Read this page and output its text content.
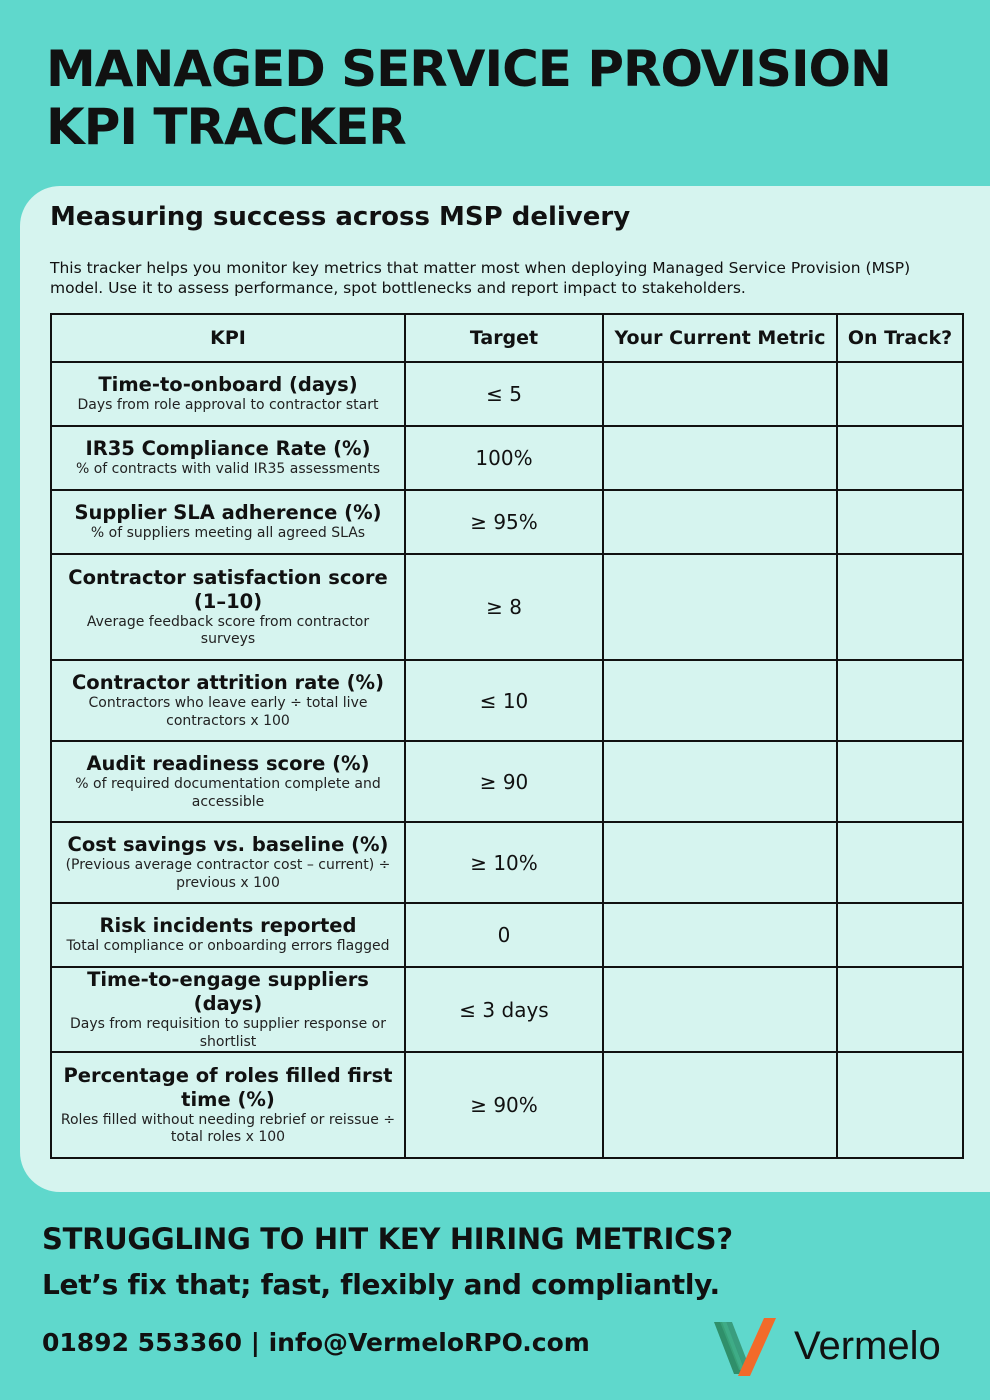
MANAGED SERVICE PROVISION
KPI TRACKER
Measuring success across MSP delivery

This tracker helps you monitor key metrics that matter most when deploying Managed Service Provision (MSP) model. Use it to assess performance, spot bottlenecks and report impact to stakeholders.

KPI	Target	Your Current Metric	On Track?

Time-to-onboard (days)
Days from role approval to contractor start	≤ 5		

IR35 Compliance Rate (%)
% of contracts with valid IR35 assessments	100%		

Supplier SLA adherence (%)
% of suppliers meeting all agreed SLAs	≥ 95%		

Contractor satisfaction score (1–10)
Average feedback score from contractor surveys	≥ 8		

Contractor attrition rate (%)
Contractors who leave early ÷ total live contractors x 100	≤ 10		

Audit readiness score (%)
% of required documentation complete and accessible	≥ 90		

Cost savings vs. baseline (%)
(Previous average contractor cost – current) ÷ previous x 100	≥ 10%		

Risk incidents reported
Total compliance or onboarding errors flagged	0		

Time-to-engage suppliers (days)
Days from requisition to supplier response or shortlist	≤ 3 days		

Percentage of roles filled first time (%)
Roles filled without needing rebrief or reissue ÷ total roles x 100	≥ 90%		

STRUGGLING TO HIT KEY HIRING METRICS?

Let’s fix that; fast, flexibly and compliantly.

01892 553360 | info@VermeloRPO.com	Vermelo
